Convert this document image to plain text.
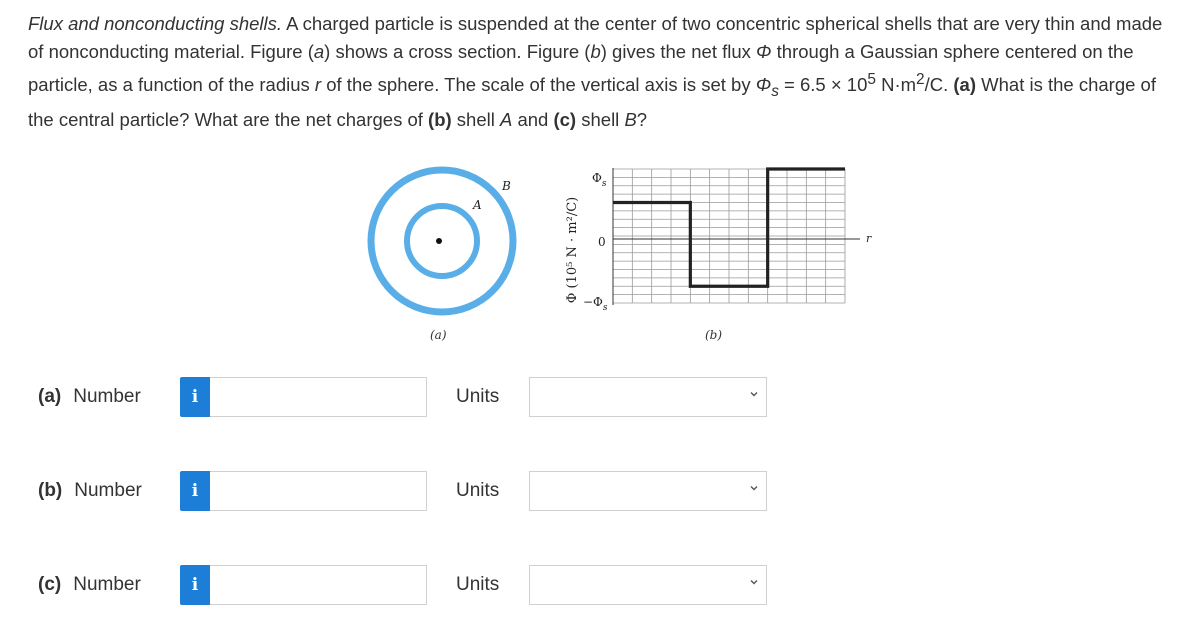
Flux and nonconducting shells. A charged particle is suspended at the center of two concentric spherical shells that are very thin and made of nonconducting material. Figure (a) shows a cross section. Figure (b) gives the net flux Φ through a Gaussian sphere centered on the particle, as a function of the radius r of the sphere. The scale of the vertical axis is set by $\Phi_s = 6.5 \times 10^5$ $N\cdot m^2/C$. (a) What is the charge of the central particle? What are the net charges of (b) shell A and (c) shell B?
A
B
(a)
Φ (10⁵ N · m²/C)
$\Phi_s$
0
$-\Phi_s$
r
(b)
(a) Number	i	Units
(b) Number	i	Units
(c) Number	i	Units
